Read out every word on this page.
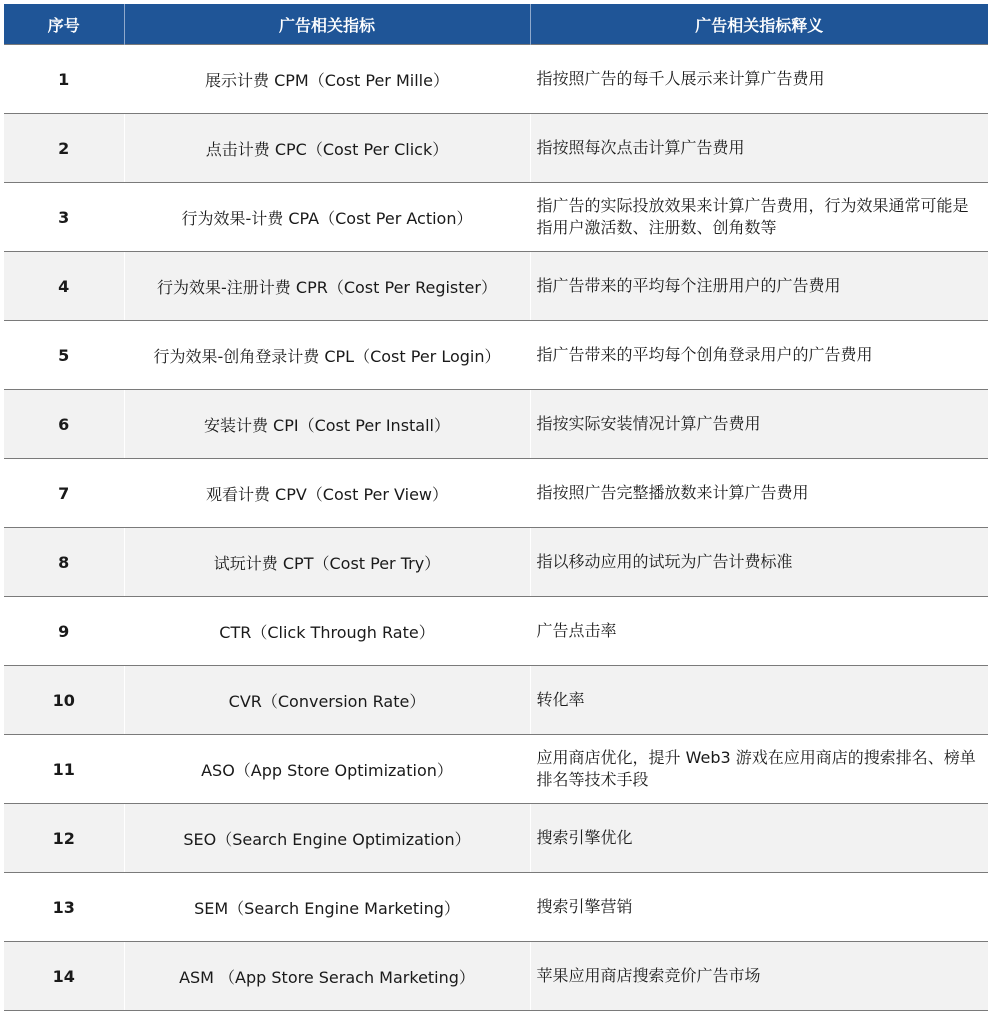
序号	广告相关指标	广告相关指标释义
1	展示计费 CPM（Cost Per Mille）	指按照广告的每千人展示来计算广告费用
2	点击计费 CPC（Cost Per Click）	指按照每次点击计算广告费用
3	行为效果-计费 CPA（Cost Per Action）	指广告的实际投放效果来计算广告费用，行为效果通常可能是指用户激活数、注册数、创角数等
4	行为效果-注册计费 CPR（Cost Per Register）	指广告带来的平均每个注册用户的广告费用
5	行为效果-创角登录计费 CPL（Cost Per Login）	指广告带来的平均每个创角登录用户的广告费用
6	安装计费 CPI（Cost Per Install）	指按实际安装情况计算广告费用
7	观看计费 CPV（Cost Per View）	指按照广告完整播放数来计算广告费用
8	试玩计费 CPT（Cost Per Try）	指以移动应用的试玩为广告计费标准
9	CTR（Click Through Rate）	广告点击率
10	CVR（Conversion Rate）	转化率
11	ASO（App Store Optimization）	应用商店优化，提升 Web3 游戏在应用商店的搜索排名、榜单排名等技术手段
12	SEO（Search Engine Optimization）	搜索引擎优化
13	SEM（Search Engine Marketing）	搜索引擎营销
14	ASM （App Store Serach Marketing）	苹果应用商店搜索竞价广告市场
